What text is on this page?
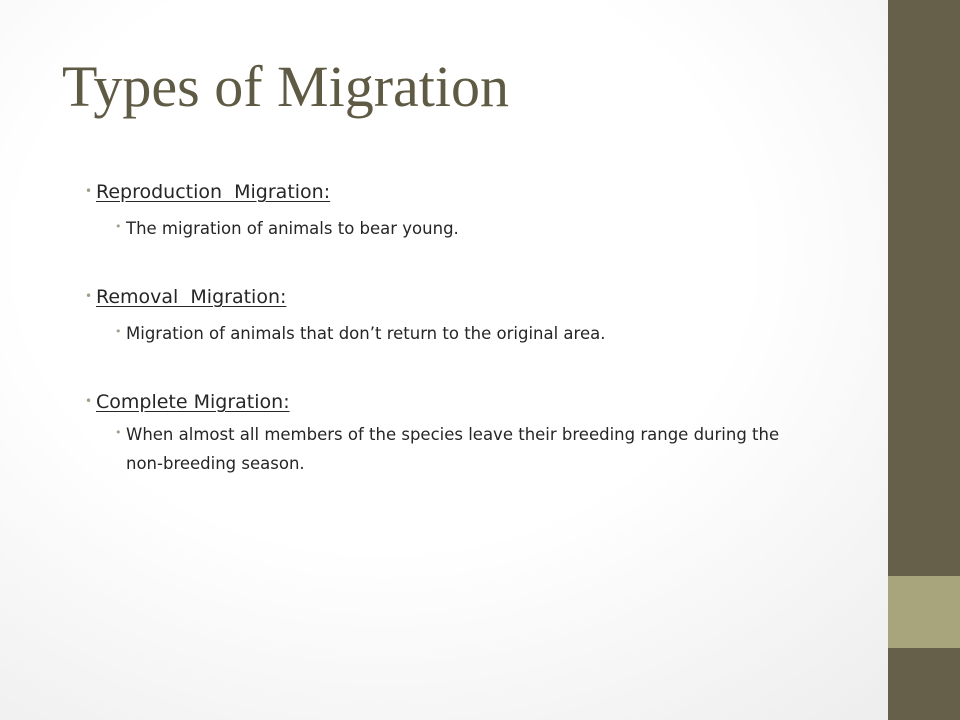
Types of Migration
• Reproduction  Migration:
• The migration of animals to bear young.
• Removal  Migration:
• Migration of animals that don’t return to the original area.
• Complete Migration:
• When almost all members of the species leave their breeding range during the non-breeding season.
